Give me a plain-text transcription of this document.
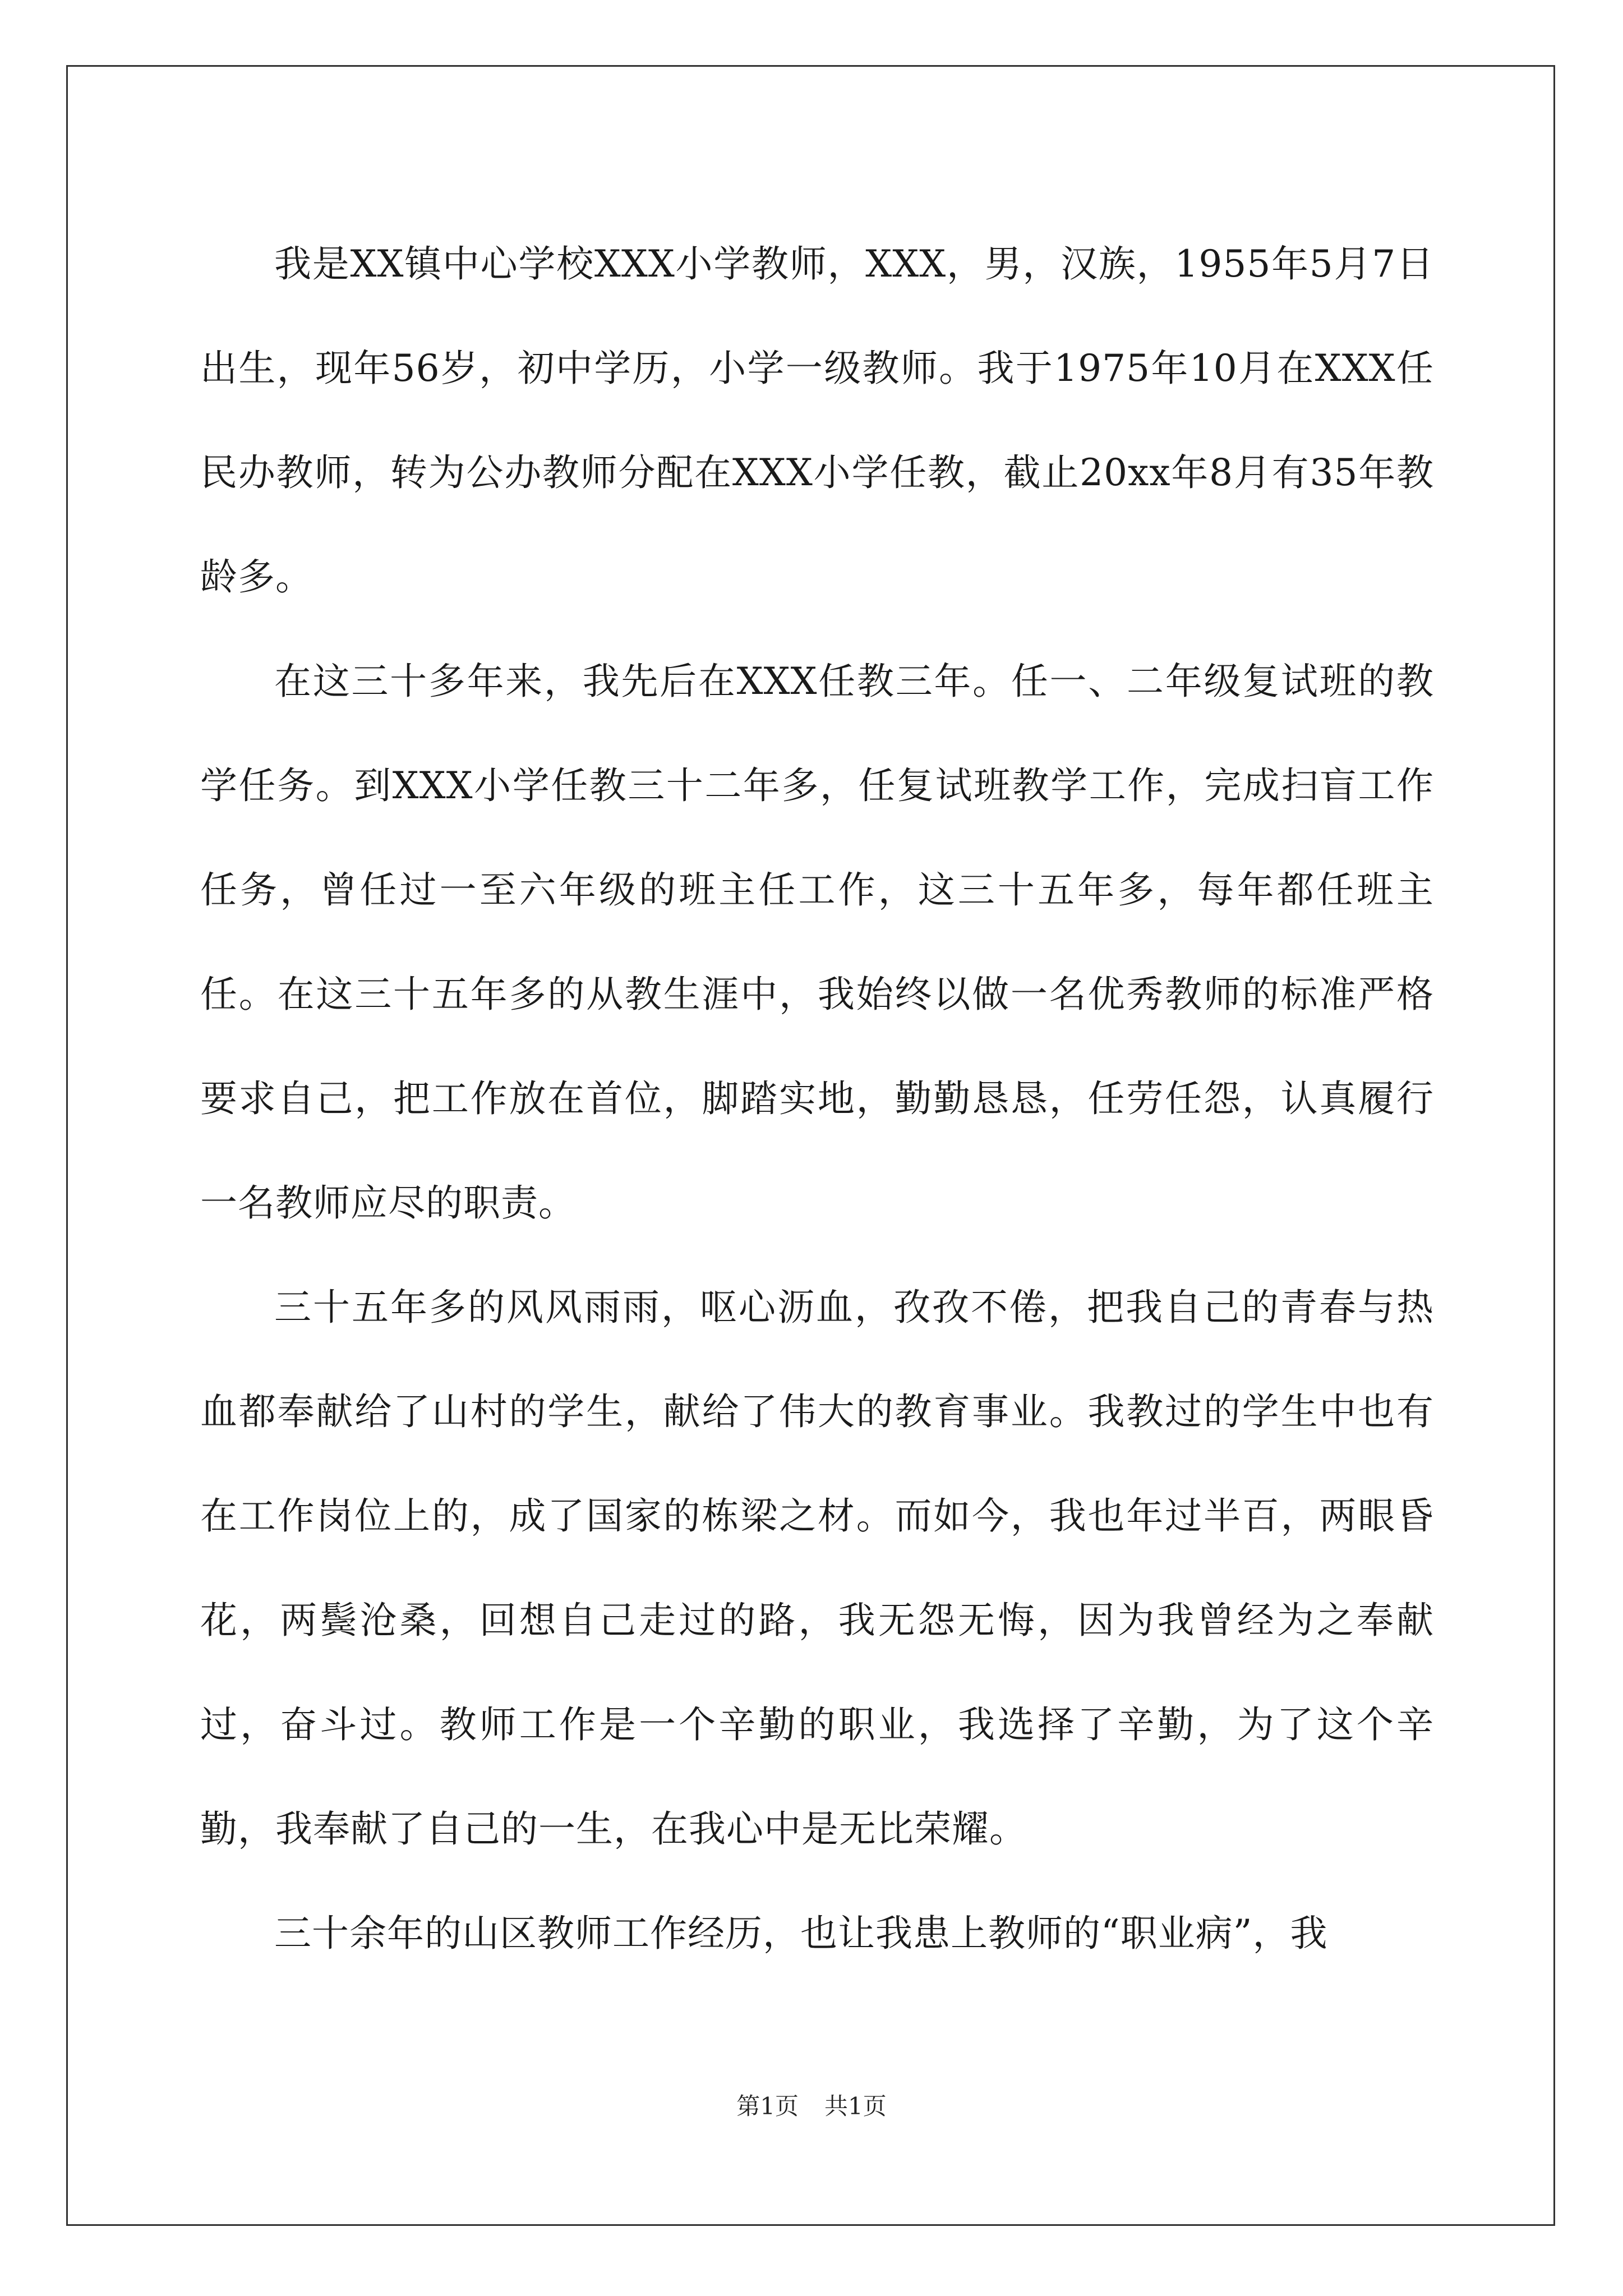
我是XX镇中心学校XXX小学教师，XXX，男，汉族，1955年5月7日出生，现年56岁，初中学历，小学一级教师。我于1975年10月在XXX任民办教师，转为公办教师分配在XXX小学任教，截止20xx年8月有35年教龄多。

在这三十多年来，我先后在XXX任教三年。任一、二年级复试班的教学任务。到XXX小学任教三十二年多，任复试班教学工作，完成扫盲工作任务，曾任过一至六年级的班主任工作，这三十五年多，每年都任班主任。在这三十五年多的从教生涯中，我始终以做一名优秀教师的标准严格要求自己，把工作放在首位，脚踏实地，勤勤恳恳，任劳任怨，认真履行一名教师应尽的职责。

三十五年多的风风雨雨，呕心沥血，孜孜不倦，把我自己的青春与热血都奉献给了山村的学生，献给了伟大的教育事业。我教过的学生中也有在工作岗位上的，成了国家的栋梁之材。而如今，我也年过半百，两眼昏花，两鬓沧桑，回想自己走过的路，我无怨无悔，因为我曾经为之奉献过，奋斗过。教师工作是一个辛勤的职业，我选择了辛勤，为了这个辛勤，我奉献了自己的一生，在我心中是无比荣耀。

三十余年的山区教师工作经历，也让我患上教师的“职业病”，我

第1页 共1页
